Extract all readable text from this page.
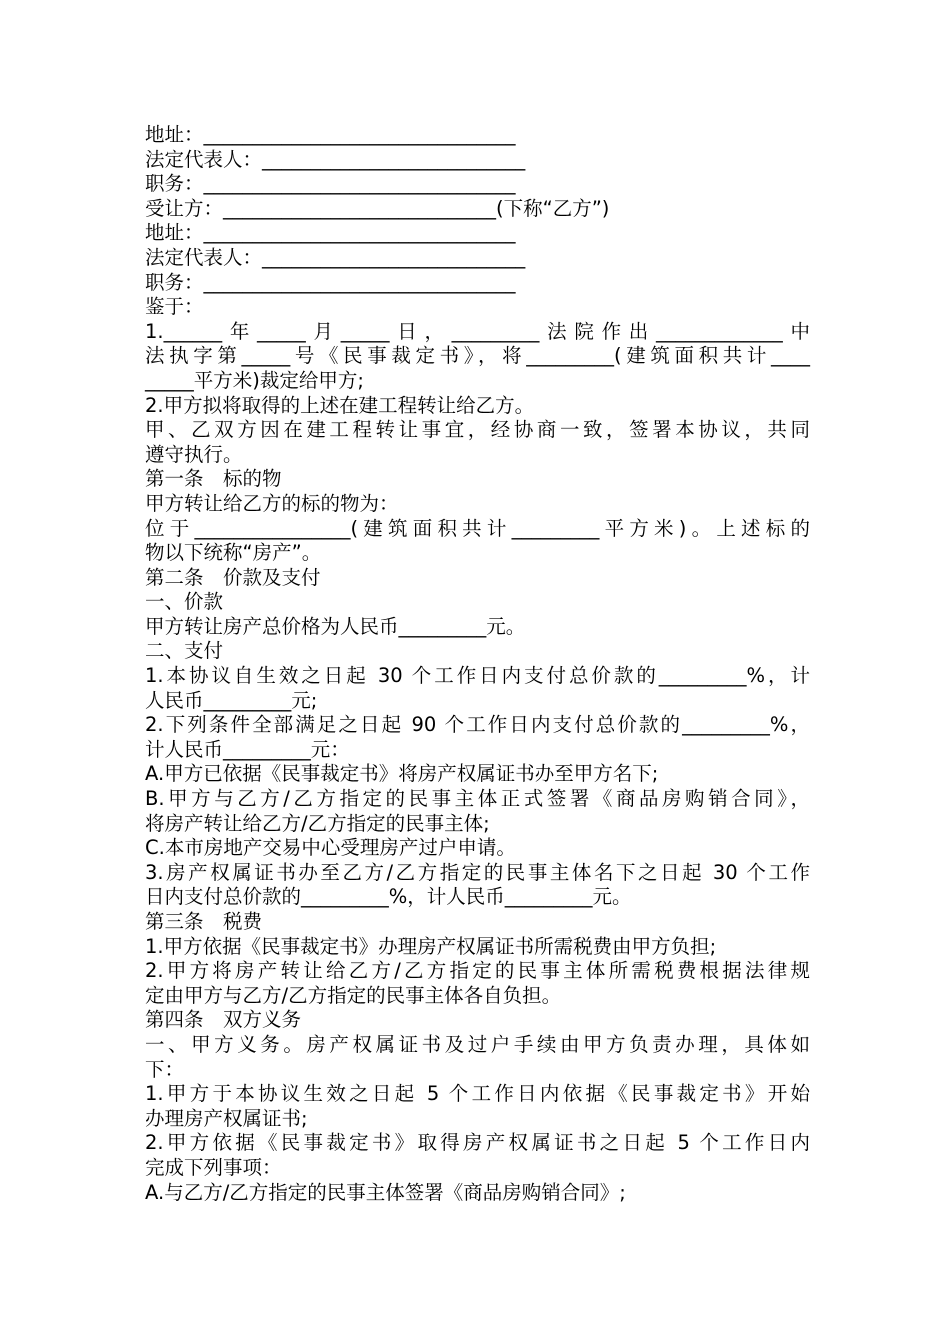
地址：________________________________
法定代表人：___________________________
职务：________________________________
受让方：____________________________(下称“乙方”)
地址：________________________________
法定代表人：___________________________
职务：________________________________
鉴于：
1.______年_____月_____日，_________法院作出_____________中
法执字第_____号《民事裁定书》，将_________(建筑面积共计____
_____平方米)裁定给甲方;
2.甲方拟将取得的上述在建工程转让给乙方。
甲、乙双方因在建工程转让事宜，经协商一致，签署本协议，共同
遵守执行。
第一条　标的物
甲方转让给乙方的标的物为：
位于________________(建筑面积共计_________平方米)。上述标的
物以下统称“房产”。
第二条　价款及支付
一、价款
甲方转让房产总价格为人民币_________元。
二、支付
1.本协议自生效之日起 30 个工作日内支付总价款的_________%，计
人民币_________元;
2.下列条件全部满足之日起 90 个工作日内支付总价款的_________%，
计人民币_________元：
A.甲方已依据《民事裁定书》将房产权属证书办至甲方名下;
B.甲方与乙方/乙方指定的民事主体正式签署《商品房购销合同》，
将房产转让给乙方/乙方指定的民事主体;
C.本市房地产交易中心受理房产过户申请。
3.房产权属证书办至乙方/乙方指定的民事主体名下之日起 30 个工作
日内支付总价款的_________%，计人民币_________元。
第三条　税费
1.甲方依据《民事裁定书》办理房产权属证书所需税费由甲方负担;
2.甲方将房产转让给乙方/乙方指定的民事主体所需税费根据法律规
定由甲方与乙方/乙方指定的民事主体各自负担。
第四条　双方义务
一、甲方义务。房产权属证书及过户手续由甲方负责办理，具体如
下：
1.甲方于本协议生效之日起 5 个工作日内依据《民事裁定书》开始
办理房产权属证书;
2.甲方依据《民事裁定书》取得房产权属证书之日起 5 个工作日内
完成下列事项：
A.与乙方/乙方指定的民事主体签署《商品房购销合同》;
